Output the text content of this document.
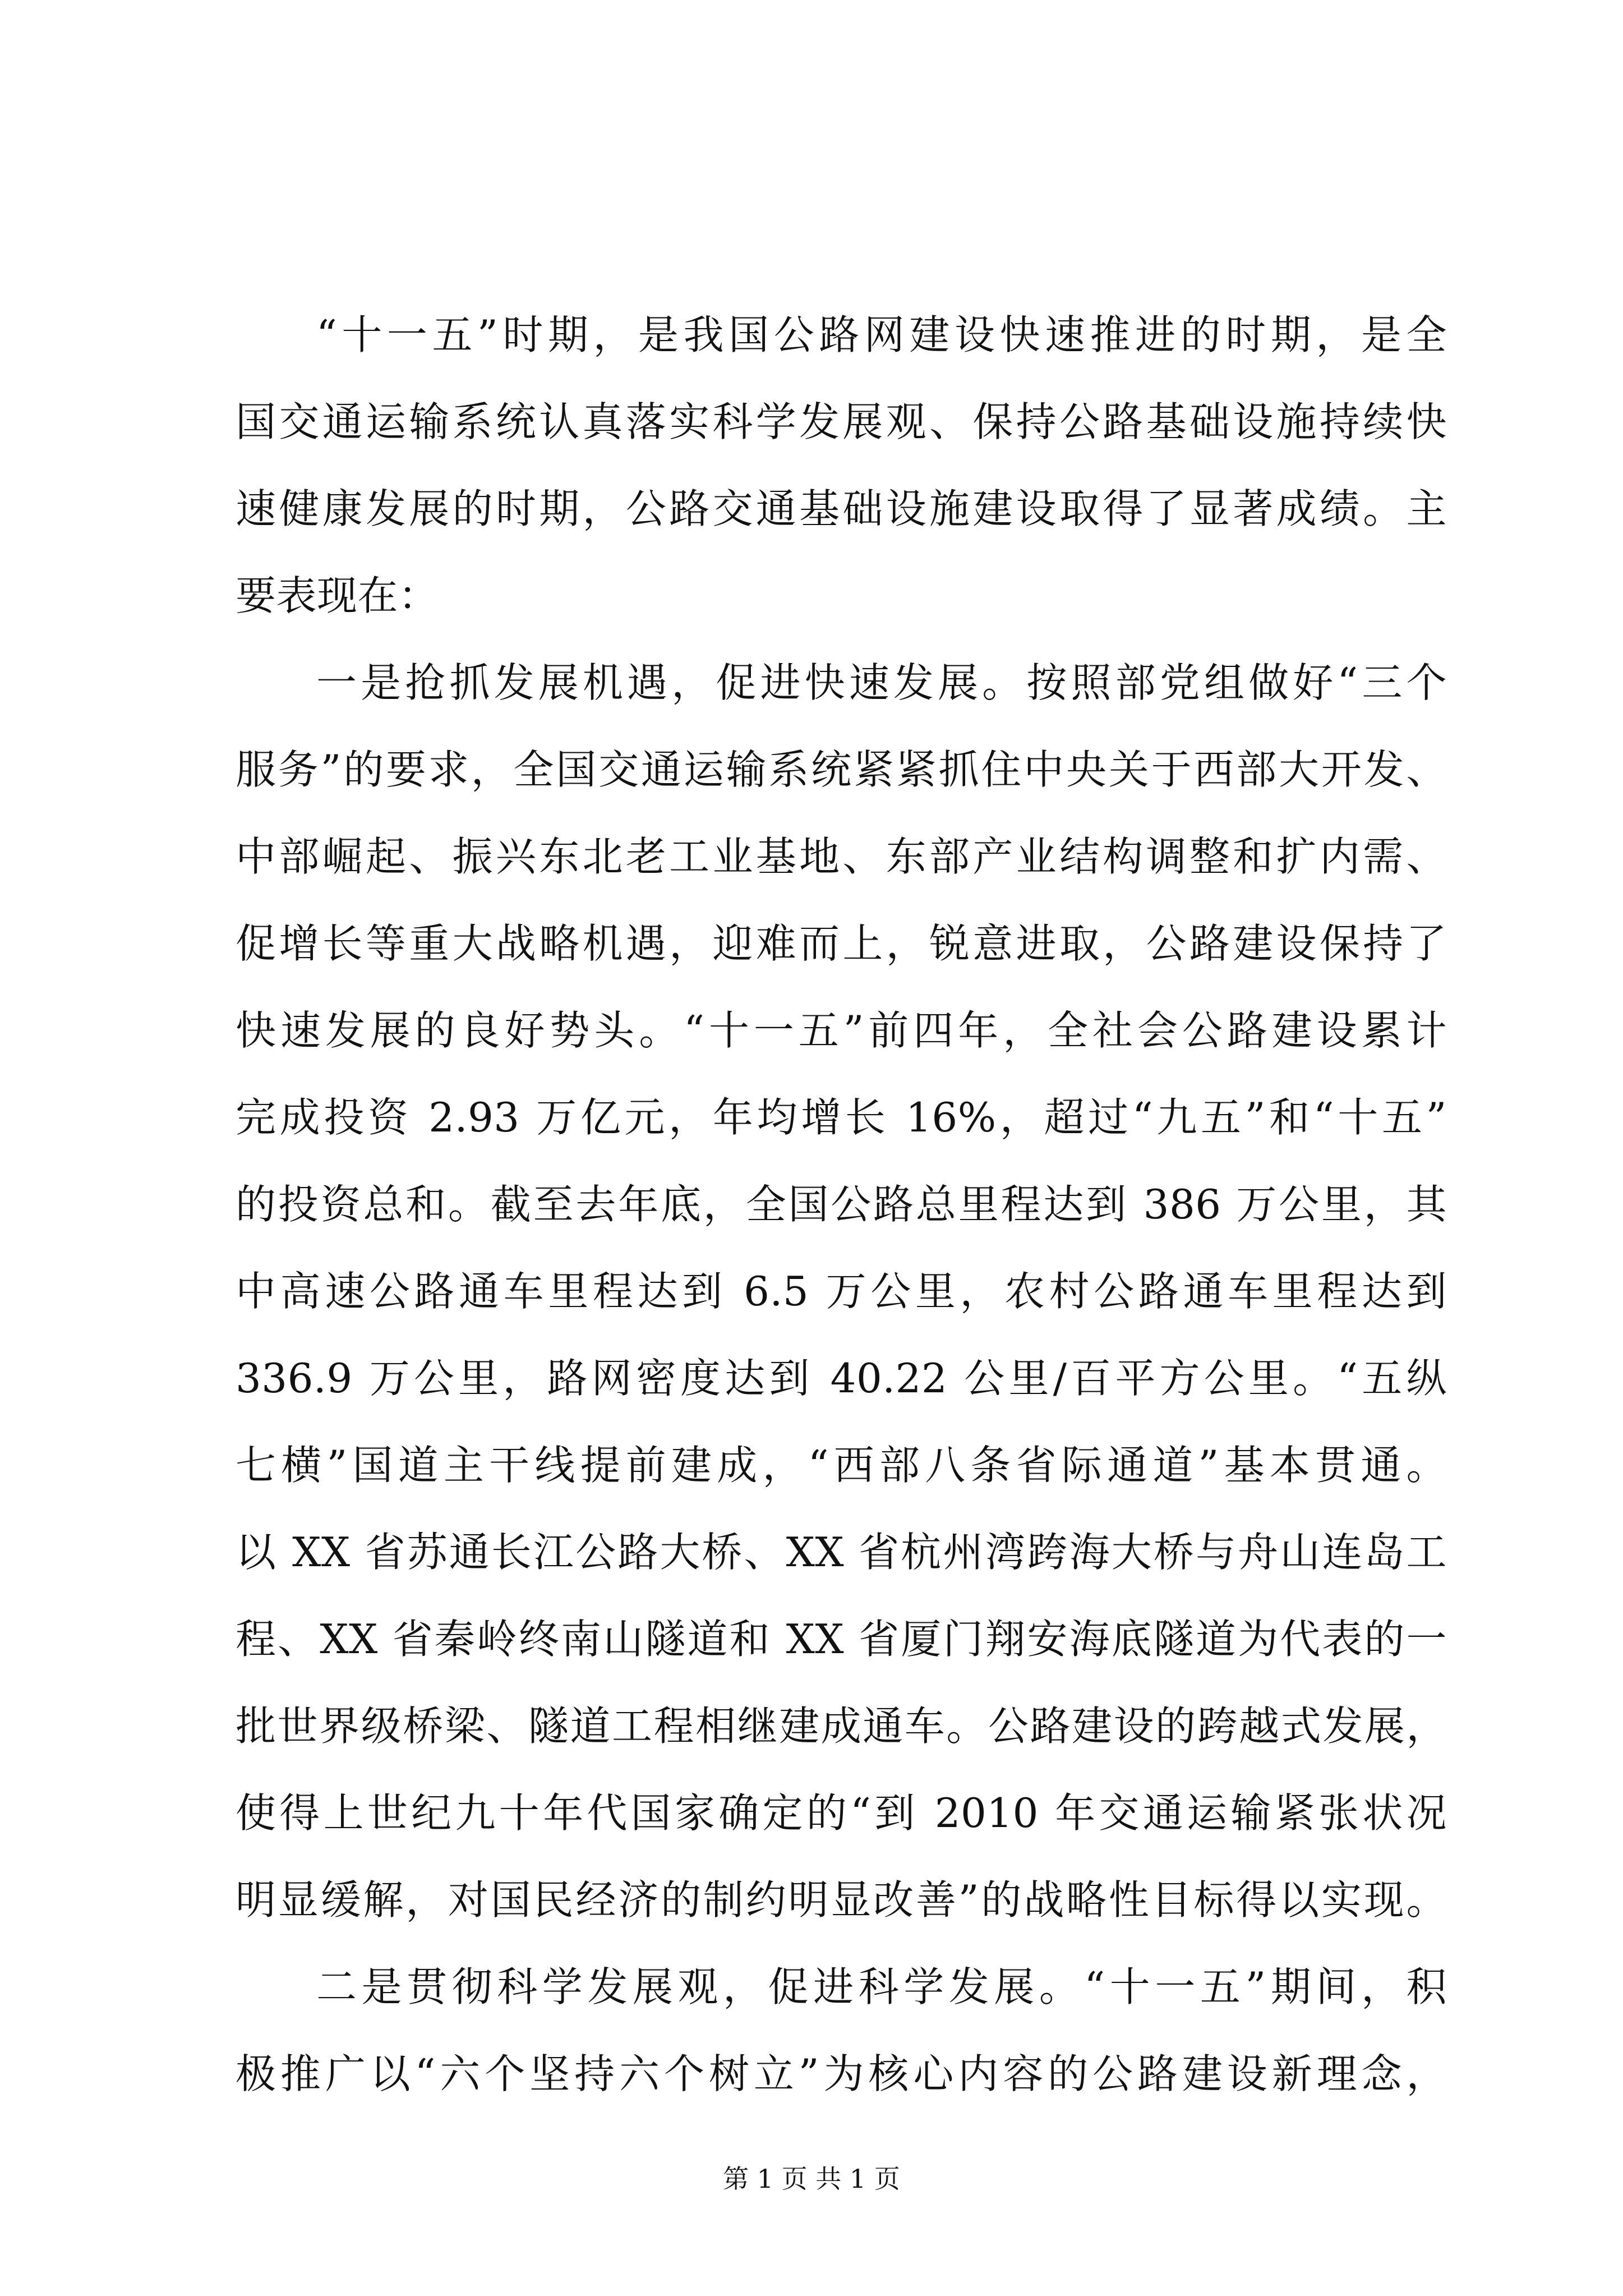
“十一五”时期，是我国公路网建设快速推进的时期，是全
国交通运输系统认真落实科学发展观、保持公路基础设施持续快
速健康发展的时期，公路交通基础设施建设取得了显著成绩。主
要表现在：
一是抢抓发展机遇，促进快速发展。按照部党组做好“三个
服务”的要求，全国交通运输系统紧紧抓住中央关于西部大开发、
中部崛起、振兴东北老工业基地、东部产业结构调整和扩内需、
促增长等重大战略机遇，迎难而上，锐意进取，公路建设保持了
快速发展的良好势头。“十一五”前四年，全社会公路建设累计
完成投资 2.93 万亿元，年均增长 16%，超过“九五”和“十五”
的投资总和。截至去年底，全国公路总里程达到 386 万公里，其
中高速公路通车里程达到 6.5 万公里，农村公路通车里程达到
336.9 万公里，路网密度达到 40.22 公里/百平方公里。“五纵
七横”国道主干线提前建成，“西部八条省际通道”基本贯通。
以 XX 省苏通长江公路大桥、XX 省杭州湾跨海大桥与舟山连岛工
程、XX 省秦岭终南山隧道和 XX 省厦门翔安海底隧道为代表的一
批世界级桥梁、隧道工程相继建成通车。公路建设的跨越式发展，
使得上世纪九十年代国家确定的“到 2010 年交通运输紧张状况
明显缓解，对国民经济的制约明显改善”的战略性目标得以实现。
二是贯彻科学发展观，促进科学发展。“十一五”期间，积
极推广以“六个坚持六个树立”为核心内容的公路建设新理念，
第 1 页 共 1 页
